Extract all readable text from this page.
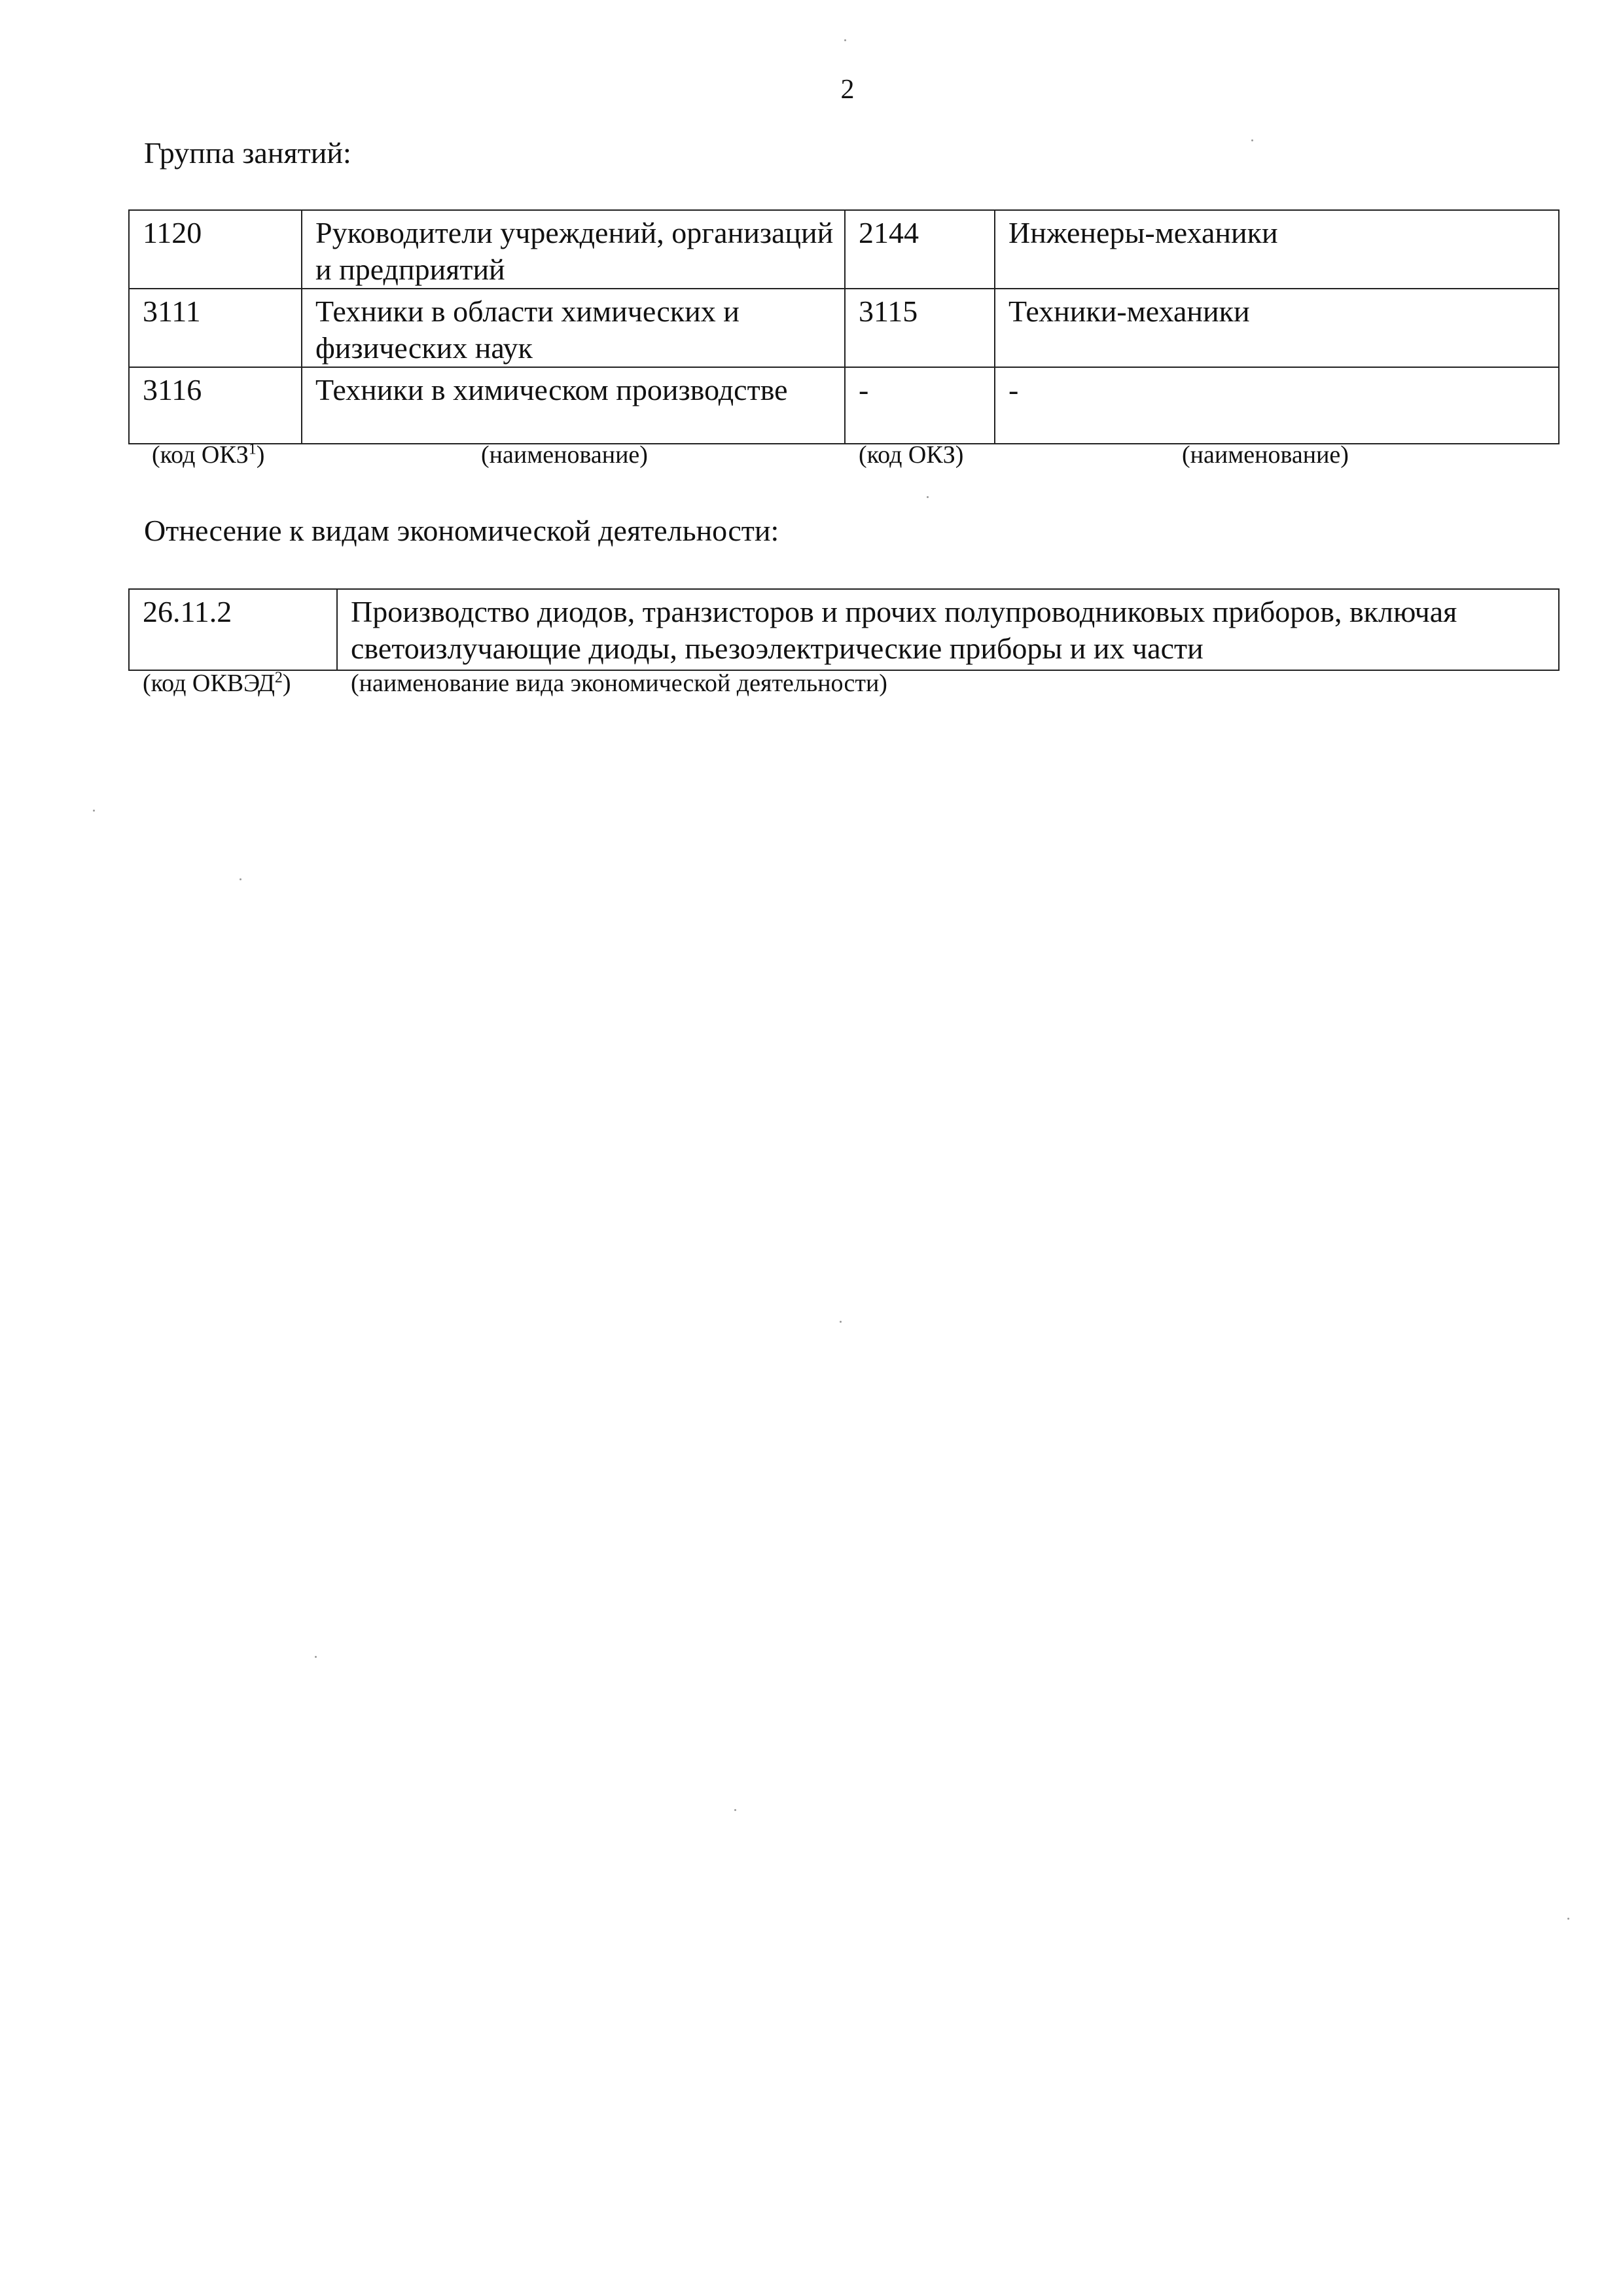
2
Группа занятий:
1120	Руководители учреждений, организаций и предприятий	2144	Инженеры-механики
3111	Техники в области химических и физических наук	3115	Техники-механики
3116	Техники в химическом производстве	-	-
(код ОКЗ$^1$)	(наименование)	(код ОКЗ)	(наименование)
Отнесение к видам экономической деятельности:
26.11.2	Производство диодов, транзисторов и прочих полупроводниковых приборов, включая светоизлучающие диоды, пьезоэлектрические приборы и их части
(код ОКВЭД$^2$) (наименование вида экономической деятельности)
